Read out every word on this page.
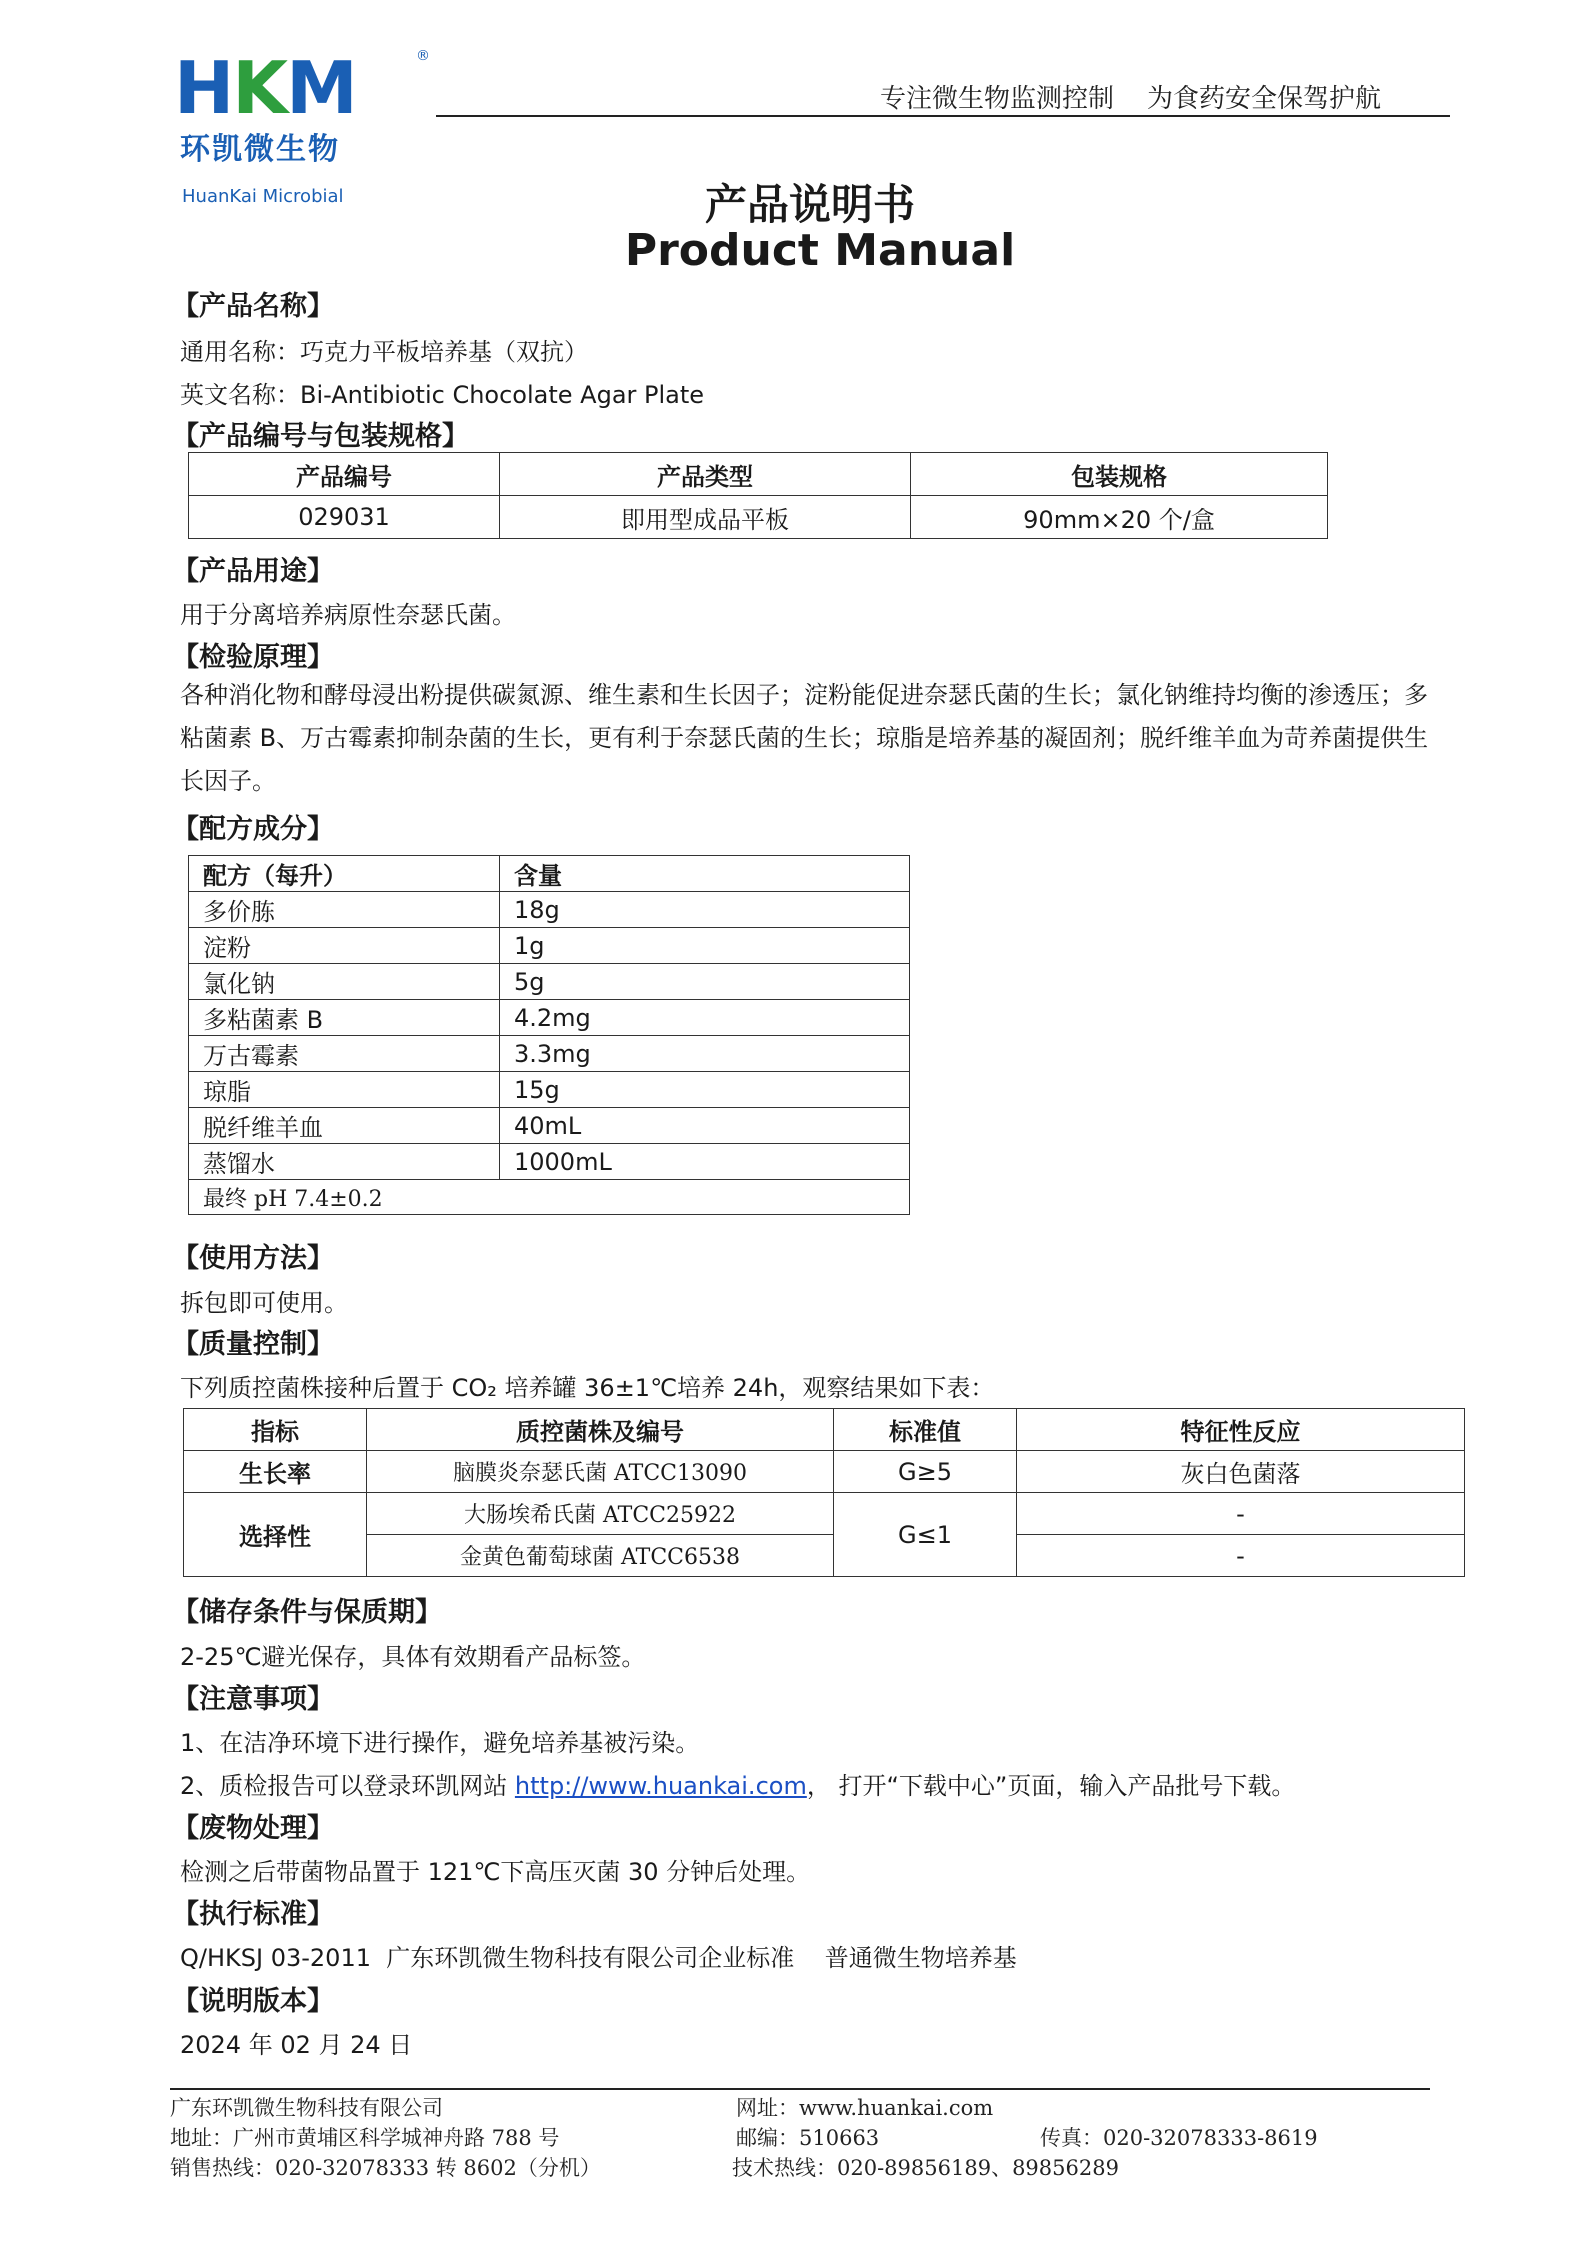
HKM	®
环凯微生物
HuanKai Microbial
专注微生物监测控制    为食药安全保驾护航
产品说明书
Product Manual
【产品名称】
通用名称：巧克力平板培养基（双抗）
英文名称：Bi-Antibiotic Chocolate Agar Plate
【产品编号与包装规格】
产品编号	产品类型	包装规格
029031	即用型成品平板	90mm×20 个/盒
【产品用途】
用于分离培养病原性奈瑟氏菌。
【检验原理】
各种消化物和酵母浸出粉提供碳氮源、维生素和生长因子；淀粉能促进奈瑟氏菌的生长；氯化钠维持均衡的渗透压；多粘菌素 B、万古霉素抑制杂菌的生长，更有利于奈瑟氏菌的生长；琼脂是培养基的凝固剂；脱纤维羊血为苛养菌提供生长因子。
【配方成分】
配方（每升）	含量
多价胨	18g
淀粉	1g
氯化钠	5g
多粘菌素 B	4.2mg
万古霉素	3.3mg
琼脂	15g
脱纤维羊血	40mL
蒸馏水	1000mL
最终 pH 7.4±0.2	
【使用方法】
拆包即可使用。
【质量控制】
下列质控菌株接种后置于 CO₂ 培养罐 36±1℃培养 24h，观察结果如下表：
指标	质控菌株及编号	标准值	特征性反应
生长率	脑膜炎奈瑟氏菌 ATCC13090	G≥5	灰白色菌落
选择性	大肠埃希氏菌 ATCC25922	G≤1	-
	金黄色葡萄球菌 ATCC6538		-
【储存条件与保质期】
2-25℃避光保存，具体有效期看产品标签。
【注意事项】
1、在洁净环境下进行操作，避免培养基被污染。
2、质检报告可以登录环凯网站 http://www.huankai.com， 打开“下载中心”页面，输入产品批号下载。
【废物处理】
检测之后带菌物品置于 121℃下高压灭菌 30 分钟后处理。
【执行标准】
Q/HKSJ 03-2011  广东环凯微生物科技有限公司企业标准    普通微生物培养基
【说明版本】
2024 年 02 月 24 日
广东环凯微生物科技有限公司	网址：www.huankai.com
地址：广州市黄埔区科学城神舟路 788 号	邮编：510663	传真：020-32078333-8619
销售热线：020-32078333 转 8602（分机）	技术热线：020-89856189、89856289
